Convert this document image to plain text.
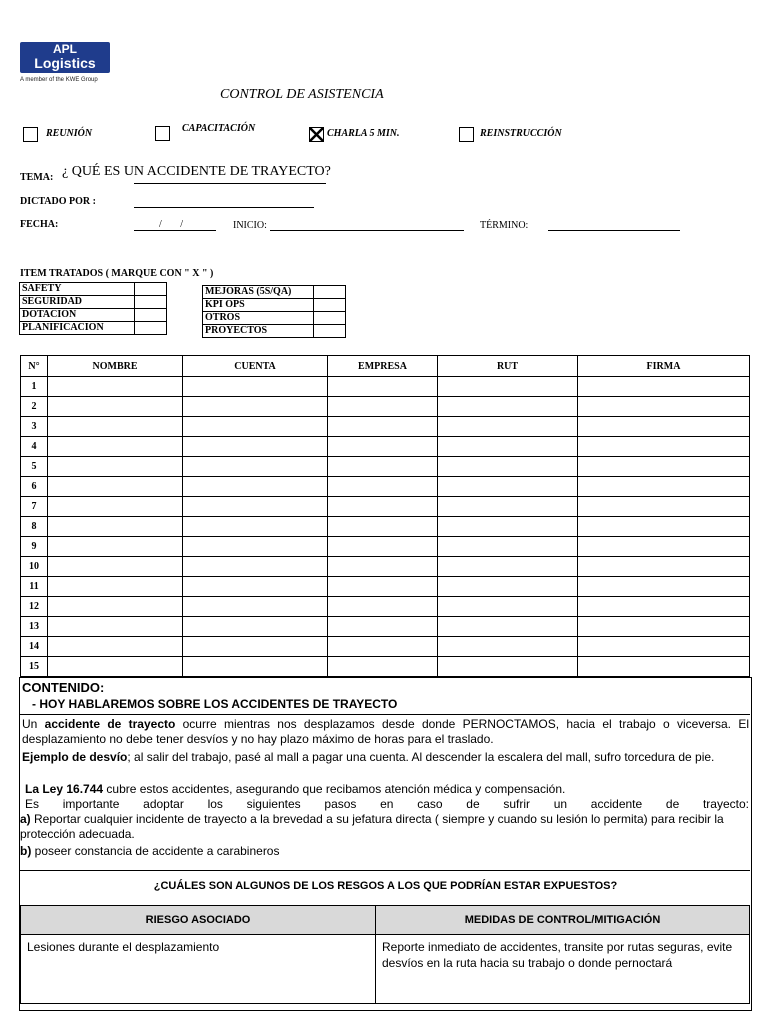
APL
Logistics
A member of the KWE Group
CONTROL DE ASISTENCIA
REUNIÓN	CAPACITACIÓN	CHARLA 5 MIN.	REINSTRUCCIÓN
TEMA: ¿ QUÉ ES UN ACCIDENTE DE TRAYECTO?
DICTADO POR :
FECHA:	/ /	INICIO:	TÉRMINO:
ITEM TRATADOS ( MARQUE CON " X " )
SAFETY	
SEGURIDAD	
DOTACION	
PLANIFICACION	
MEJORAS (5S/QA)	
KPI OPS	
OTROS	
PROYECTOS	
N°	NOMBRE	CUENTA	EMPRESA	RUT	FIRMA
1					
2					
3					
4					
5					
6					
7					
8					
9					
10					
11					
12					
13					
14					
15					
CONTENIDO:
- HOY HABLAREMOS SOBRE LOS ACCIDENTES DE TRAYECTO
Un accidente de trayecto ocurre mientras nos desplazamos desde donde PERNOCTAMOS, hacia el trabajo o viceversa. El desplazamiento no debe tener desvíos y no hay plazo máximo de horas para el traslado.
Ejemplo de desvío; al salir del trabajo, pasé al mall a pagar una cuenta. Al descender la escalera del mall, sufro torcedura de pie.
La Ley 16.744 cubre estos accidentes, asegurando que recibamos atención médica y compensación.
Es importante adoptar los siguientes pasos en caso de sufrir un accidente de trayecto:
a) Reportar cualquier incidente de trayecto a la brevedad a su jefatura directa ( siempre y cuando su lesión lo permita) para recibir la protección adecuada.
b) poseer constancia de accidente a carabineros
¿CUÁLES SON ALGUNOS DE LOS RESGOS A LOS QUE PODRÍAN ESTAR EXPUESTOS?
RIESGO ASOCIADO	MEDIDAS DE CONTROL/MITIGACIÓN
Lesiones durante el desplazamiento	Reporte inmediato de accidentes, transite por rutas seguras, evite desvíos en la ruta hacia su trabajo o donde pernoctará
